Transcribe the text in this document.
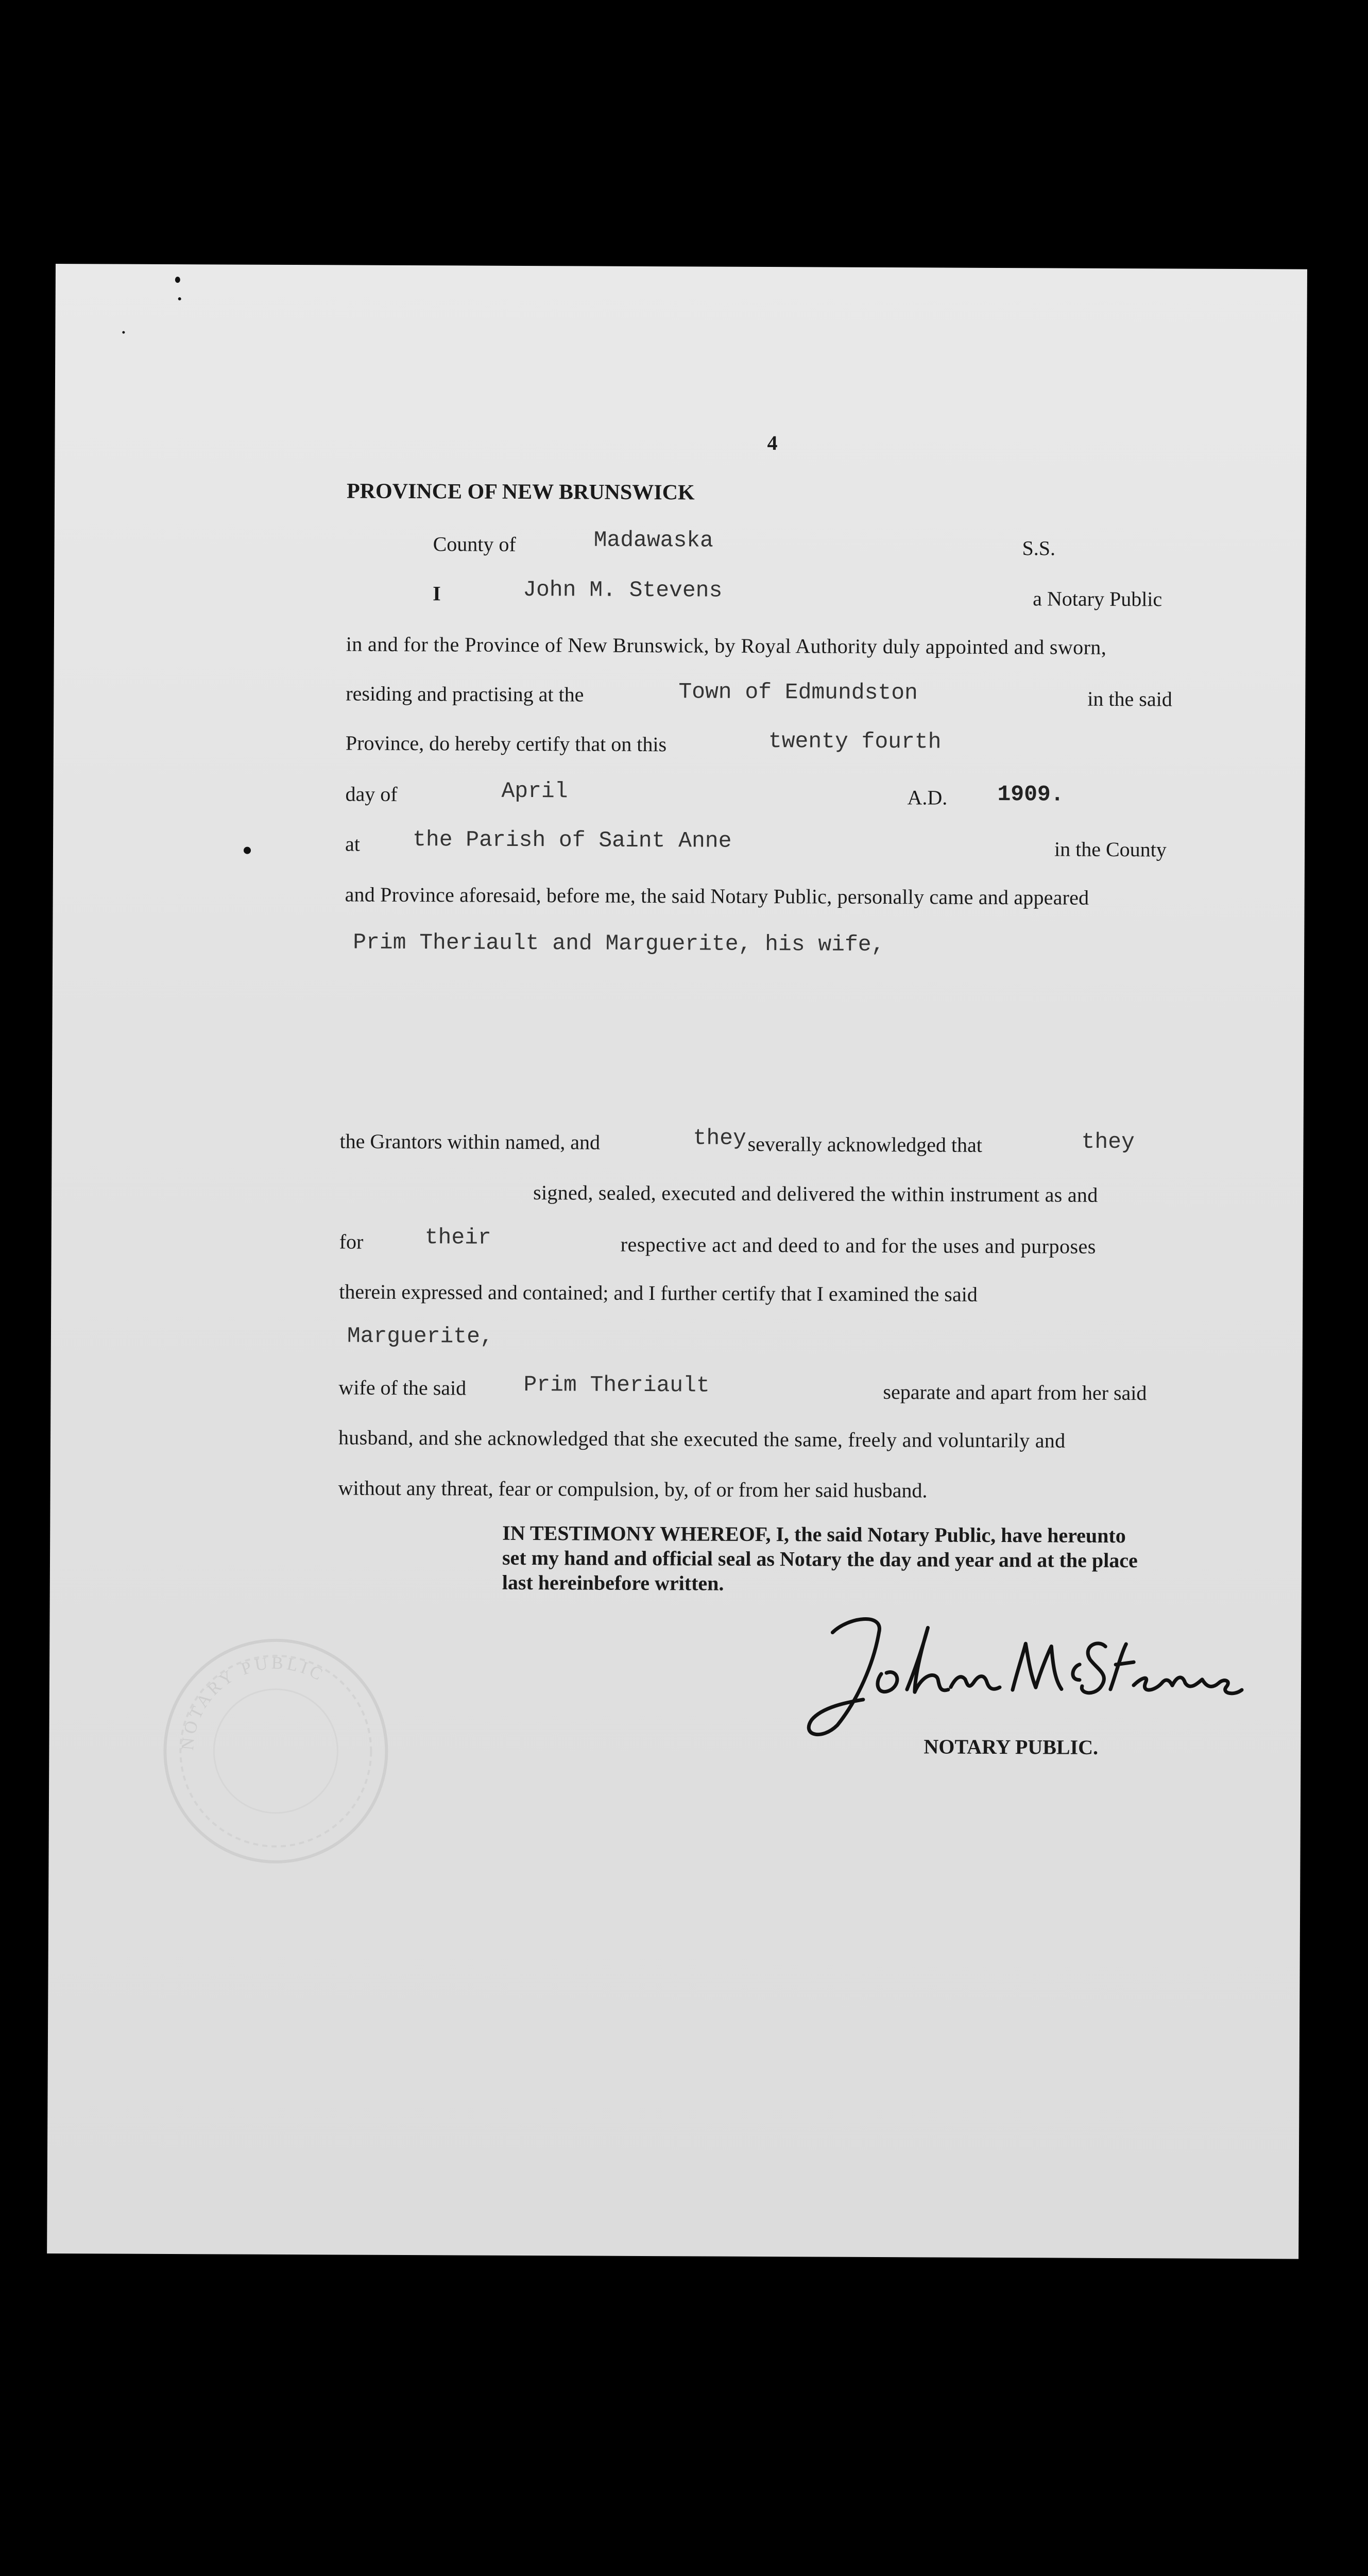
NOTARY PUBLIC
4
PROVINCE OF NEW BRUNSWICK
County of	Madawaska	S.S.
I	John M. Stevens	a Notary Public
in and for the Province of New Brunswick, by Royal Authority duly appointed and sworn,
residing and practising at the	Town of Edmundston	in the said
Province, do hereby certify that on this	twenty fourth
day of	April	A.D. 1909.
at the Parish of Saint Anne	in the County
and Province aforesaid, before me, the said Notary Public, personally came and appeared
Prim Theriault and Marguerite, his wife,
the Grantors within named, and	they severally acknowledged that	they
signed, sealed, executed and delivered the within instrument as and
for	their	respective act and deed to and for the uses and purposes
therein expressed and contained; and I further certify that I examined the said
Marguerite,
wife of the said	Prim Theriault	separate and apart from her said
husband, and she acknowledged that she executed the same, freely and voluntarily and
without any threat, fear or compulsion, by, of or from her said husband.
IN TESTIMONY WHEREOF, I, the said Notary Public, have hereunto
set my hand and official seal as Notary the day and year and at the place
last hereinbefore written.
NOTARY PUBLIC.
